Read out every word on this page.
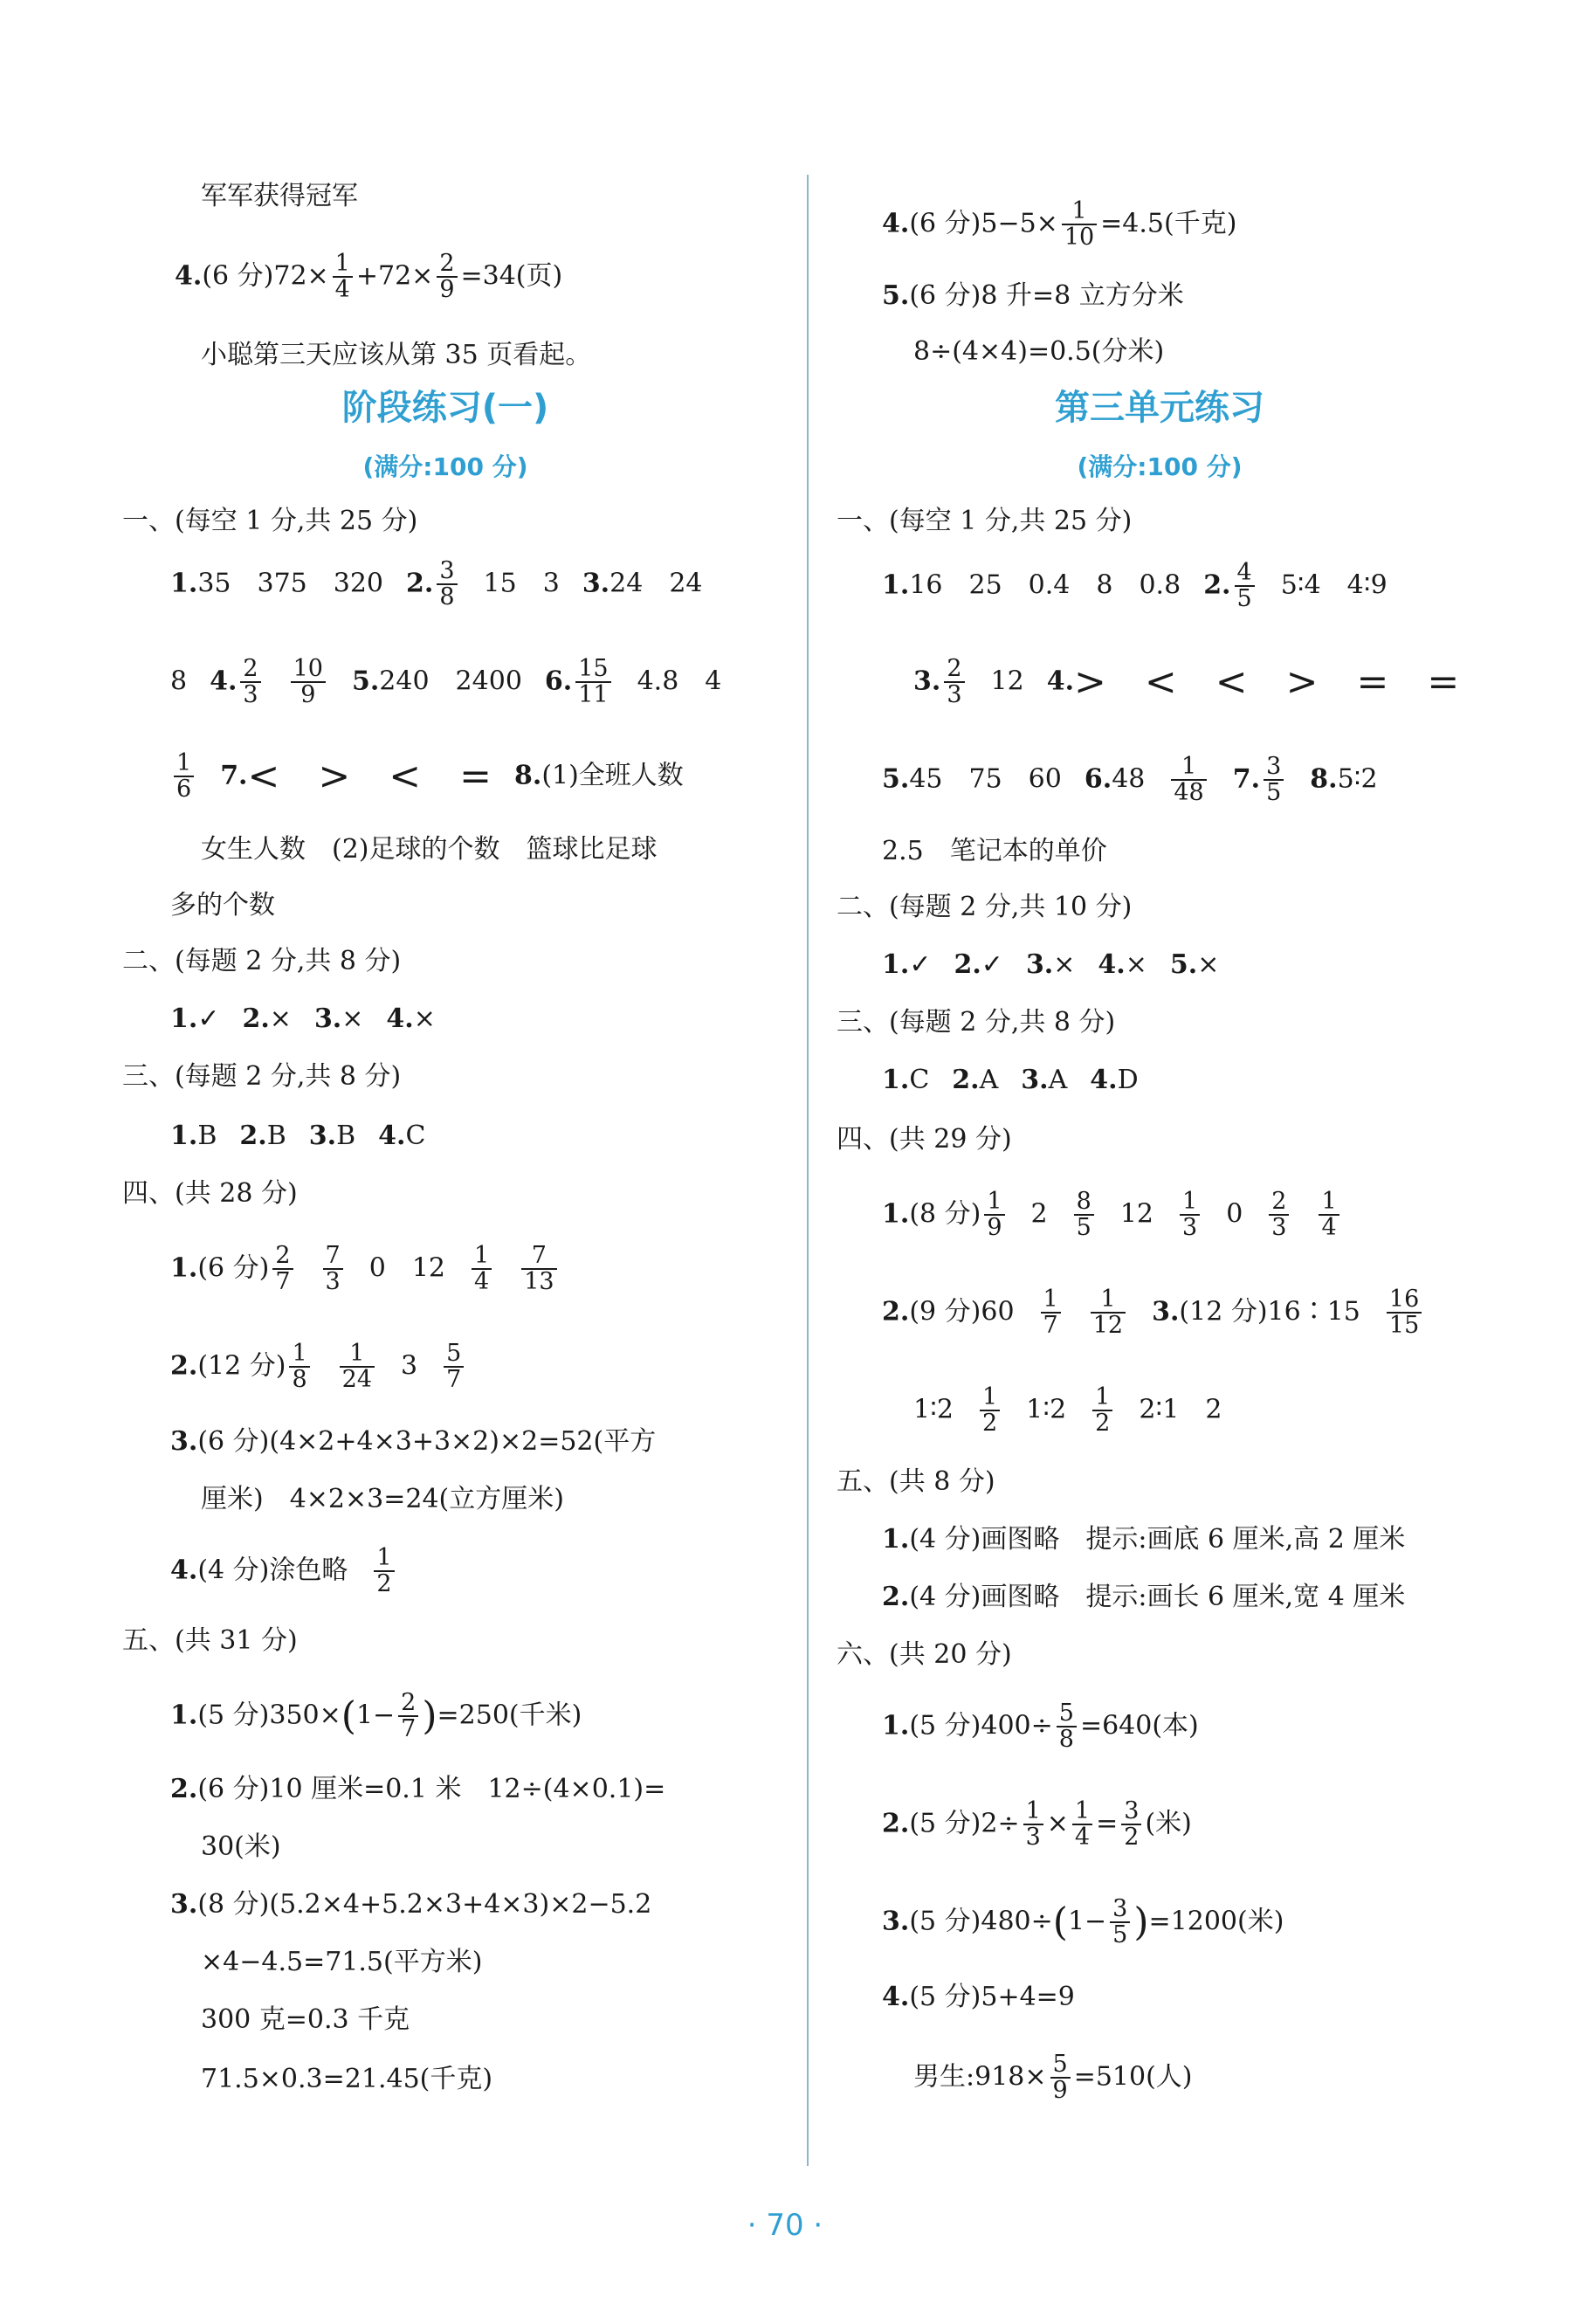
军军获得冠军
4.(6 分)$72\times \frac{1}{4} +72\times \frac{2}{9} =34$(页)
小聪第三天应该从第 35 页看起。
阶段练习(一)
(满分:100 分)
一、(每空 1 分,共 25 分)
1.35　375　320 2. $\frac{3}{8} 15$　3 3.24　24
8 4. $\frac{2}{3} \frac{10}{9} 5.240$　2400 6. $\frac{15}{11} 4.8$　4
$\frac{1}{6} 7.<$　>　<　= 8.(1)全班人数
女生人数　(2)足球的个数　篮球比足球
多的个数
二、(每题 2 分,共 8 分)
1.✓ 2.× 3.× 4.×
三、(每题 2 分,共 8 分)
1.B 2.B 3.B 4.C
四、(共 28 分)
1.(6 分) $\frac{2}{7} \frac{7}{3} 0$　$12 \frac{1}{4} \frac{7}{13}$
2.(12 分) $\frac{1}{8} \frac{1}{24} 3 \frac{5}{7}$
3.(6 分)(4×2+4×3+3×2)×2=52(平方
厘米)　4×2×3=24(立方厘米)
4.(4 分)涂色略 $\frac{1}{2}$
五、(共 31 分)
1.(5 分)$350\times(1- \frac{2}{7} )=250$(千米)
2.(6 分)10 厘米=0.1 米　12÷(4×0.1)=
30(米)
3.(8 分)(5.2×4+5.2×3+4×3)×2−5.2
×4−4.5=71.5(平方米)
300 克=0.3 千克
71.5×0.3=21.45(千克)
4.(6 分)$5-5\times \frac{1}{10} =4.5$(千克)
5.(6 分)8 升=8 立方分米
8÷(4×4)=0.5(分米)
第三单元练习
(满分:100 分)
一、(每空 1 分,共 25 分)
1.16　25　0.4　8　0.8 2. $\frac{4}{5}$ 5∶4　4∶9
3. $\frac{2}{3} 12$ 4.>　<　<　>　=　=
5.45　75　60 $6.48 \frac{1}{48} 7$. $\frac{3}{5}$ 8.5∶2
2.5　笔记本的单价
二、(每题 2 分,共 10 分)
1.✓ 2.✓ 3.× 4.× 5.×
三、(每题 2 分,共 8 分)
1.C 2.A 3.A 4.D
四、(共 29 分)
1.(8 分) $\frac{1}{9} 2 \frac{8}{5} 12 \frac{1}{3} 0 \frac{2}{3} \frac{1}{4}$
2.(9 分)$60 \frac{1}{7} \frac{1}{12} 3.(12$ 分)16∶15 $\frac{16}{15}$
1∶2 $\frac{1}{2}$ 1∶2 $\frac{1}{2}$ 2∶1　2
五、(共 8 分)
1.(4 分)画图略　提示:画底 6 厘米,高 2 厘米
2.(4 分)画图略　提示:画长 6 厘米,宽 4 厘米
六、(共 20 分)
1.(5 分)$400\div \frac{5}{8} =640$(本)
2.(5 分)$2\div \frac{1}{3} \times \frac{1}{4} = \frac{3}{2}$ (米)
3.(5 分)$480\div(1- \frac{3}{5} )=1200$(米)
4.(5 分)5+4=9
男生:918× $\frac{5}{9} =510$(人)
· 70 ·
